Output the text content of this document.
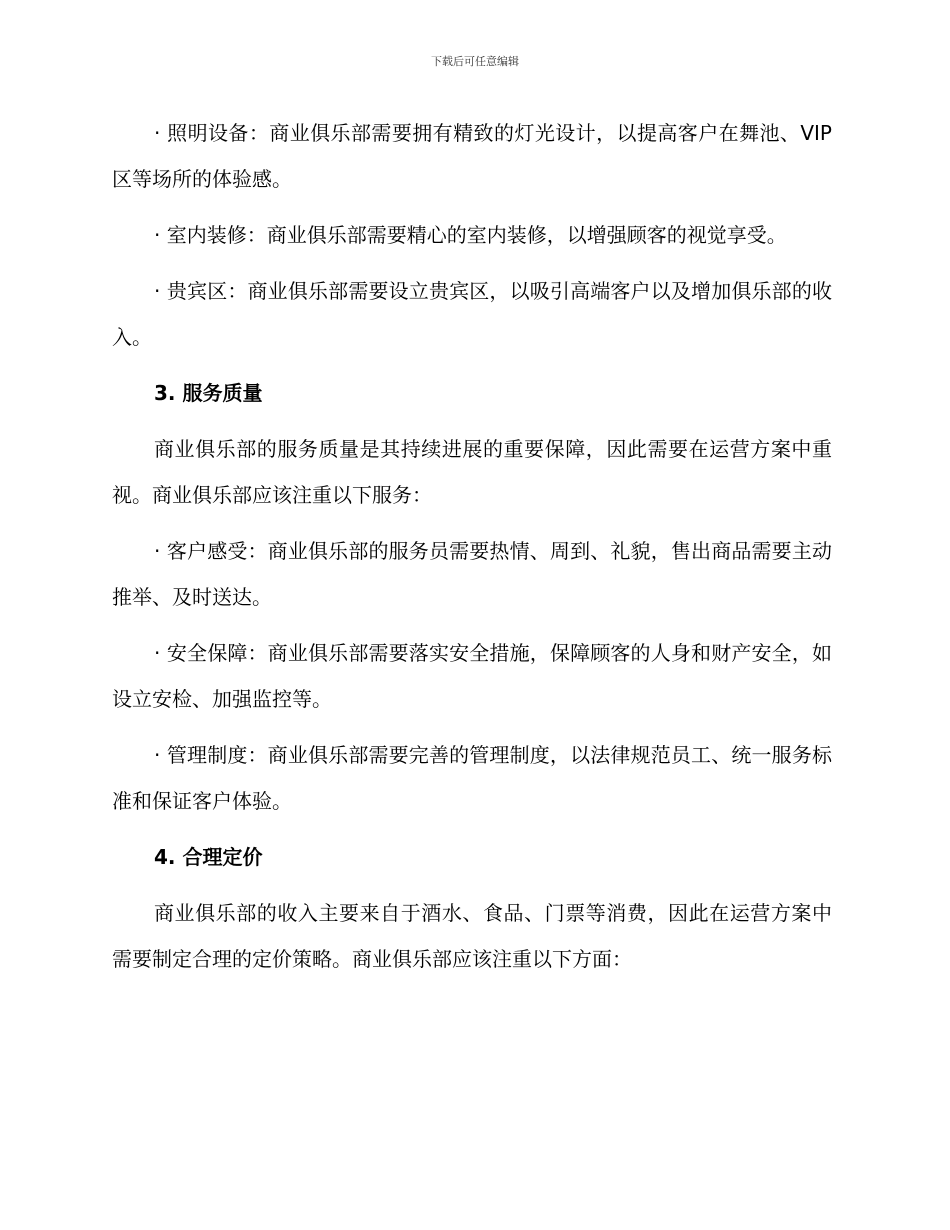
下载后可任意编辑

· 照明设备：商业俱乐部需要拥有精致的灯光设计，以提高客户在舞池、VIP 区等场所的体验感。

· 室内装修：商业俱乐部需要精心的室内装修，以增强顾客的视觉享受。

· 贵宾区：商业俱乐部需要设立贵宾区，以吸引高端客户以及增加俱乐部的收入。

3. 服务质量

商业俱乐部的服务质量是其持续进展的重要保障，因此需要在运营方案中重视。商业俱乐部应该注重以下服务：

· 客户感受：商业俱乐部的服务员需要热情、周到、礼貌，售出商品需要主动推举、及时送达。

· 安全保障：商业俱乐部需要落实安全措施，保障顾客的人身和财产安全，如设立安检、加强监控等。

· 管理制度：商业俱乐部需要完善的管理制度，以法律规范员工、统一服务标准和保证客户体验。

4. 合理定价

商业俱乐部的收入主要来自于酒水、食品、门票等消费，因此在运营方案中需要制定合理的定价策略。商业俱乐部应该注重以下方面：
